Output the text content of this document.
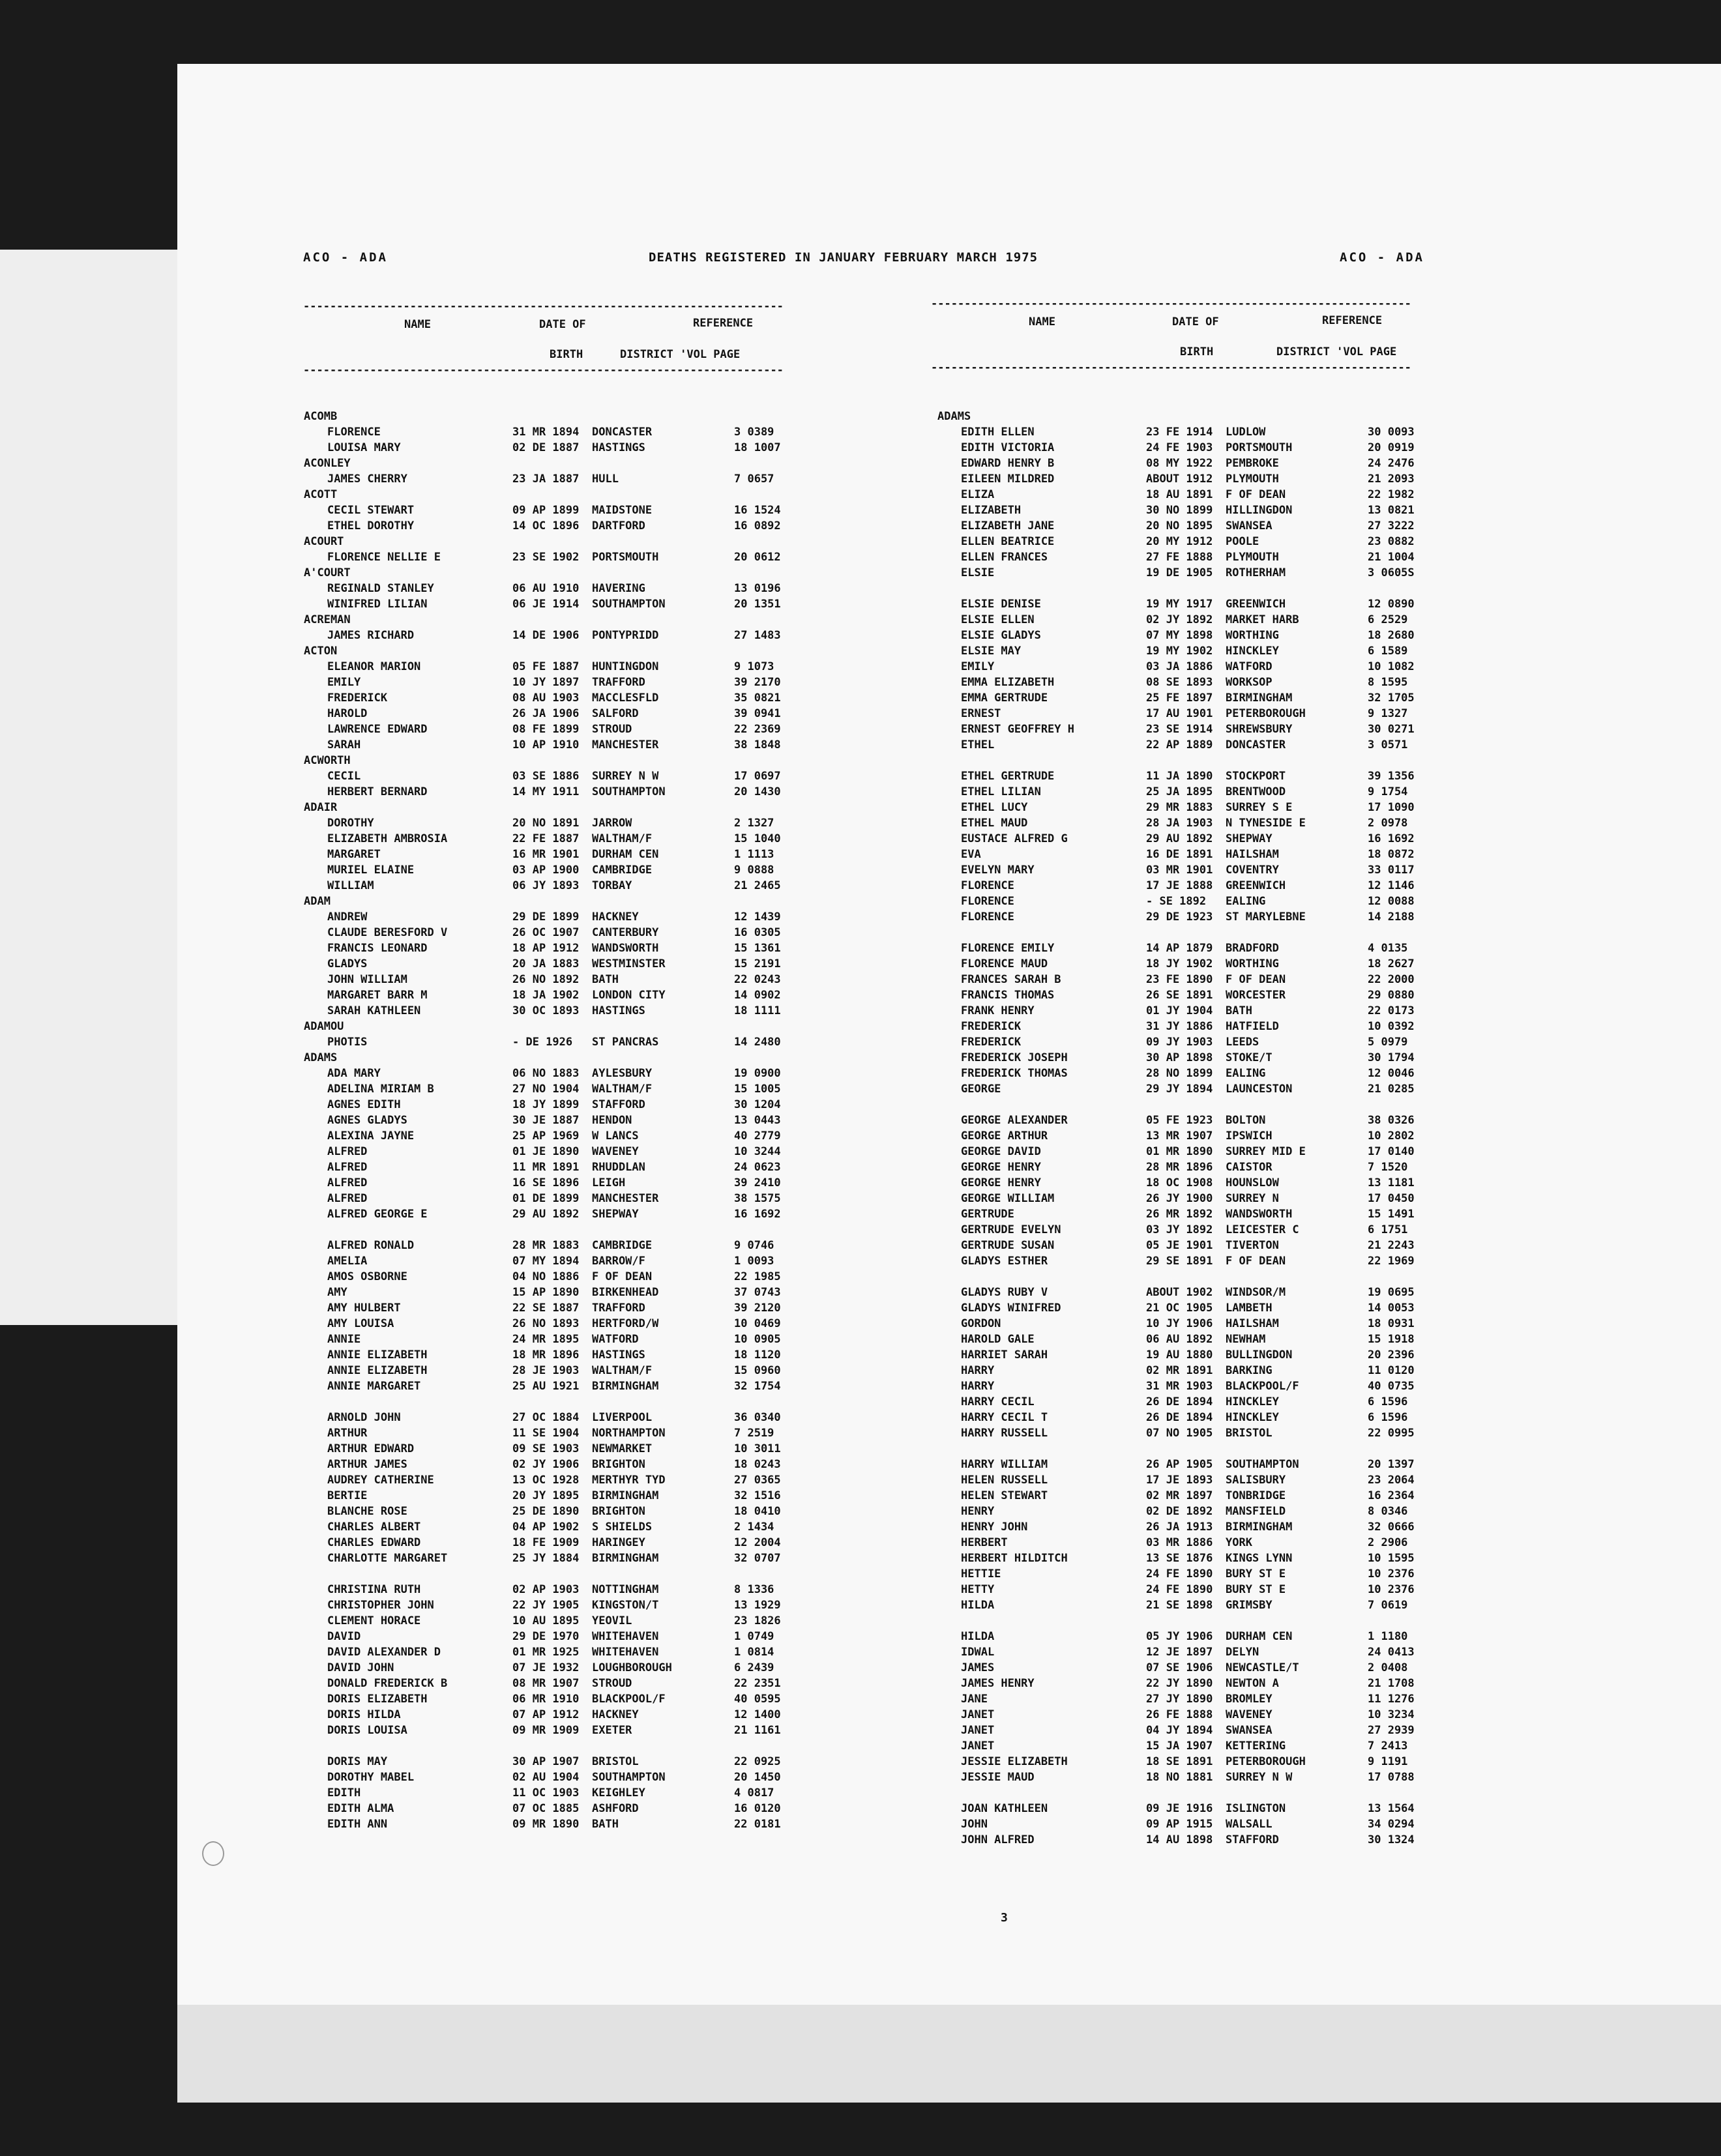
ACO - ADA	DEATHS REGISTERED IN JANUARY FEBRUARY MARCH 1975	ACO - ADA
------------------------------------------------------------------------
NAME	DATE OF	REFERENCE
BIRTH	DISTRICT 'VOL PAGE
------------------------------------------------------------------------
------------------------------------------------------------------------
NAME	DATE OF	REFERENCE
BIRTH	DISTRICT 'VOL PAGE
------------------------------------------------------------------------
ACOMB
FLORENCE	31 MR 1894 DONCASTER	3 0389
LOUISA MARY	02 DE 1887 HASTINGS	18 1007
ACONLEY
JAMES CHERRY	23 JA 1887 HULL	7 0657
ACOTT
CECIL STEWART	09 AP 1899 MAIDSTONE	16 1524
ETHEL DOROTHY	14 OC 1896 DARTFORD	16 0892
ACOURT
FLORENCE NELLIE E	23 SE 1902 PORTSMOUTH	20 0612
A'COURT
REGINALD STANLEY	06 AU 1910 HAVERING	13 0196
WINIFRED LILIAN	06 JE 1914 SOUTHAMPTON	20 1351
ACREMAN
JAMES RICHARD	14 DE 1906 PONTYPRIDD	27 1483
ACTON
ELEANOR MARION	05 FE 1887 HUNTINGDON	9 1073
EMILY	10 JY 1897 TRAFFORD	39 2170
FREDERICK	08 AU 1903 MACCLESFLD	35 0821
HAROLD	26 JA 1906 SALFORD	39 0941
LAWRENCE EDWARD	08 FE 1899 STROUD	22 2369
SARAH	10 AP 1910 MANCHESTER	38 1848
ACWORTH
CECIL	03 SE 1886 SURREY N W	17 0697
HERBERT BERNARD	14 MY 1911 SOUTHAMPTON	20 1430
ADAIR
DOROTHY	20 NO 1891 JARROW	2 1327
ELIZABETH AMBROSIA	22 FE 1887 WALTHAM/F	15 1040
MARGARET	16 MR 1901 DURHAM CEN	1 1113
MURIEL ELAINE	03 AP 1900 CAMBRIDGE	9 0888
WILLIAM	06 JY 1893 TORBAY	21 2465
ADAM
ANDREW	29 DE 1899 HACKNEY	12 1439
CLAUDE BERESFORD V	26 OC 1907 CANTERBURY	16 0305
FRANCIS LEONARD	18 AP 1912 WANDSWORTH	15 1361
GLADYS	20 JA 1883 WESTMINSTER	15 2191
JOHN WILLIAM	26 NO 1892 BATH	22 0243
MARGARET BARR M	18 JA 1902 LONDON CITY	14 0902
SARAH KATHLEEN	30 OC 1893 HASTINGS	18 1111
ADAMOU
PHOTIS	- DE 1926 ST PANCRAS	14 2480
ADAMS
ADA MARY	06 NO 1883 AYLESBURY	19 0900
ADELINA MIRIAM B	27 NO 1904 WALTHAM/F	15 1005
AGNES EDITH	18 JY 1899 STAFFORD	30 1204
AGNES GLADYS	30 JE 1887 HENDON	13 0443
ALEXINA JAYNE	25 AP 1969 W LANCS	40 2779
ALFRED	01 JE 1890 WAVENEY	10 3244
ALFRED	11 MR 1891 RHUDDLAN	24 0623
ALFRED	16 SE 1896 LEIGH	39 2410
ALFRED	01 DE 1899 MANCHESTER	38 1575
ALFRED GEORGE E	29 AU 1892 SHEPWAY	16 1692
ALFRED RONALD	28 MR 1883 CAMBRIDGE	9 0746
AMELIA	07 MY 1894 BARROW/F	1 0093
AMOS OSBORNE	04 NO 1886 F OF DEAN	22 1985
AMY	15 AP 1890 BIRKENHEAD	37 0743
AMY HULBERT	22 SE 1887 TRAFFORD	39 2120
AMY LOUISA	26 NO 1893 HERTFORD/W	10 0469
ANNIE	24 MR 1895 WATFORD	10 0905
ANNIE ELIZABETH	18 MR 1896 HASTINGS	18 1120
ANNIE ELIZABETH	28 JE 1903 WALTHAM/F	15 0960
ANNIE MARGARET	25 AU 1921 BIRMINGHAM	32 1754
ARNOLD JOHN	27 OC 1884 LIVERPOOL	36 0340
ARTHUR	11 SE 1904 NORTHAMPTON	7 2519
ARTHUR EDWARD	09 SE 1903 NEWMARKET	10 3011
ARTHUR JAMES	02 JY 1906 BRIGHTON	18 0243
AUDREY CATHERINE	13 OC 1928 MERTHYR TYD	27 0365
BERTIE	20 JY 1895 BIRMINGHAM	32 1516
BLANCHE ROSE	25 DE 1890 BRIGHTON	18 0410
CHARLES ALBERT	04 AP 1902 S SHIELDS	2 1434
CHARLES EDWARD	18 FE 1909 HARINGEY	12 2004
CHARLOTTE MARGARET	25 JY 1884 BIRMINGHAM	32 0707
CHRISTINA RUTH	02 AP 1903 NOTTINGHAM	8 1336
CHRISTOPHER JOHN	22 JY 1905 KINGSTON/T	13 1929
CLEMENT HORACE	10 AU 1895 YEOVIL	23 1826
DAVID	29 DE 1970 WHITEHAVEN	1 0749
DAVID ALEXANDER D	01 MR 1925 WHITEHAVEN	1 0814
DAVID JOHN	07 JE 1932 LOUGHBOROUGH	6 2439
DONALD FREDERICK B	08 MR 1907 STROUD	22 2351
DORIS ELIZABETH	06 MR 1910 BLACKPOOL/F	40 0595
DORIS HILDA	07 AP 1912 HACKNEY	12 1400
DORIS LOUISA	09 MR 1909 EXETER	21 1161
DORIS MAY	30 AP 1907 BRISTOL	22 0925
DOROTHY MABEL	02 AU 1904 SOUTHAMPTON	20 1450
EDITH	11 OC 1903 KEIGHLEY	4 0817
EDITH ALMA	07 OC 1885 ASHFORD	16 0120
EDITH ANN	09 MR 1890 BATH	22 0181
ADAMS
EDITH ELLEN	23 FE 1914 LUDLOW	30 0093
EDITH VICTORIA	24 FE 1903 PORTSMOUTH	20 0919
EDWARD HENRY B	08 MY 1922 PEMBROKE	24 2476
EILEEN MILDRED	ABOUT 1912 PLYMOUTH	21 2093
ELIZA	18 AU 1891 F OF DEAN	22 1982
ELIZABETH	30 NO 1899 HILLINGDON	13 0821
ELIZABETH JANE	20 NO 1895 SWANSEA	27 3222
ELLEN BEATRICE	20 MY 1912 POOLE	23 0882
ELLEN FRANCES	27 FE 1888 PLYMOUTH	21 1004
ELSIE	19 DE 1905 ROTHERHAM	3 0605S
ELSIE DENISE	19 MY 1917 GREENWICH	12 0890
ELSIE ELLEN	02 JY 1892 MARKET HARB	6 2529
ELSIE GLADYS	07 MY 1898 WORTHING	18 2680
ELSIE MAY	19 MY 1902 HINCKLEY	6 1589
EMILY	03 JA 1886 WATFORD	10 1082
EMMA ELIZABETH	08 SE 1893 WORKSOP	8 1595
EMMA GERTRUDE	25 FE 1897 BIRMINGHAM	32 1705
ERNEST	17 AU 1901 PETERBOROUGH	9 1327
ERNEST GEOFFREY H	23 SE 1914 SHREWSBURY	30 0271
ETHEL	22 AP 1889 DONCASTER	3 0571
ETHEL GERTRUDE	11 JA 1890 STOCKPORT	39 1356
ETHEL LILIAN	25 JA 1895 BRENTWOOD	9 1754
ETHEL LUCY	29 MR 1883 SURREY S E	17 1090
ETHEL MAUD	28 JA 1903 N TYNESIDE E	2 0978
EUSTACE ALFRED G	29 AU 1892 SHEPWAY	16 1692
EVA	16 DE 1891 HAILSHAM	18 0872
EVELYN MARY	03 MR 1901 COVENTRY	33 0117
FLORENCE	17 JE 1888 GREENWICH	12 1146
FLORENCE	- SE 1892 EALING	12 0088
FLORENCE	29 DE 1923 ST MARYLEBNE	14 2188
FLORENCE EMILY	14 AP 1879 BRADFORD	4 0135
FLORENCE MAUD	18 JY 1902 WORTHING	18 2627
FRANCES SARAH B	23 FE 1890 F OF DEAN	22 2000
FRANCIS THOMAS	26 SE 1891 WORCESTER	29 0880
FRANK HENRY	01 JY 1904 BATH	22 0173
FREDERICK	31 JY 1886 HATFIELD	10 0392
FREDERICK	09 JY 1903 LEEDS	5 0979
FREDERICK JOSEPH	30 AP 1898 STOKE/T	30 1794
FREDERICK THOMAS	28 NO 1899 EALING	12 0046
GEORGE	29 JY 1894 LAUNCESTON	21 0285
GEORGE ALEXANDER	05 FE 1923 BOLTON	38 0326
GEORGE ARTHUR	13 MR 1907 IPSWICH	10 2802
GEORGE DAVID	01 MR 1890 SURREY MID E	17 0140
GEORGE HENRY	28 MR 1896 CAISTOR	7 1520
GEORGE HENRY	18 OC 1908 HOUNSLOW	13 1181
GEORGE WILLIAM	26 JY 1900 SURREY N	17 0450
GERTRUDE	26 MR 1892 WANDSWORTH	15 1491
GERTRUDE EVELYN	03 JY 1892 LEICESTER C	6 1751
GERTRUDE SUSAN	05 JE 1901 TIVERTON	21 2243
GLADYS ESTHER	29 SE 1891 F OF DEAN	22 1969
GLADYS RUBY V	ABOUT 1902 WINDSOR/M	19 0695
GLADYS WINIFRED	21 OC 1905 LAMBETH	14 0053
GORDON	10 JY 1906 HAILSHAM	18 0931
HAROLD GALE	06 AU 1892 NEWHAM	15 1918
HARRIET SARAH	19 AU 1880 BULLINGDON	20 2396
HARRY	02 MR 1891 BARKING	11 0120
HARRY	31 MR 1903 BLACKPOOL/F	40 0735
HARRY CECIL	26 DE 1894 HINCKLEY	6 1596
HARRY CECIL T	26 DE 1894 HINCKLEY	6 1596
HARRY RUSSELL	07 NO 1905 BRISTOL	22 0995
HARRY WILLIAM	26 AP 1905 SOUTHAMPTON	20 1397
HELEN RUSSELL	17 JE 1893 SALISBURY	23 2064
HELEN STEWART	02 MR 1897 TONBRIDGE	16 2364
HENRY	02 DE 1892 MANSFIELD	8 0346
HENRY JOHN	26 JA 1913 BIRMINGHAM	32 0666
HERBERT	03 MR 1886 YORK	2 2906
HERBERT HILDITCH	13 SE 1876 KINGS LYNN	10 1595
HETTIE	24 FE 1890 BURY ST E	10 2376
HETTY	24 FE 1890 BURY ST E	10 2376
HILDA	21 SE 1898 GRIMSBY	7 0619
HILDA	05 JY 1906 DURHAM CEN	1 1180
IDWAL	12 JE 1897 DELYN	24 0413
JAMES	07 SE 1906 NEWCASTLE/T	2 0408
JAMES HENRY	22 JY 1890 NEWTON A	21 1708
JANE	27 JY 1890 BROMLEY	11 1276
JANET	26 FE 1888 WAVENEY	10 3234
JANET	04 JY 1894 SWANSEA	27 2939
JANET	15 JA 1907 KETTERING	7 2413
JESSIE ELIZABETH	18 SE 1891 PETERBOROUGH	9 1191
JESSIE MAUD	18 NO 1881 SURREY N W	17 0788
JOAN KATHLEEN	09 JE 1916 ISLINGTON	13 1564
JOHN	09 AP 1915 WALSALL	34 0294
JOHN ALFRED	14 AU 1898 STAFFORD	30 1324
3
